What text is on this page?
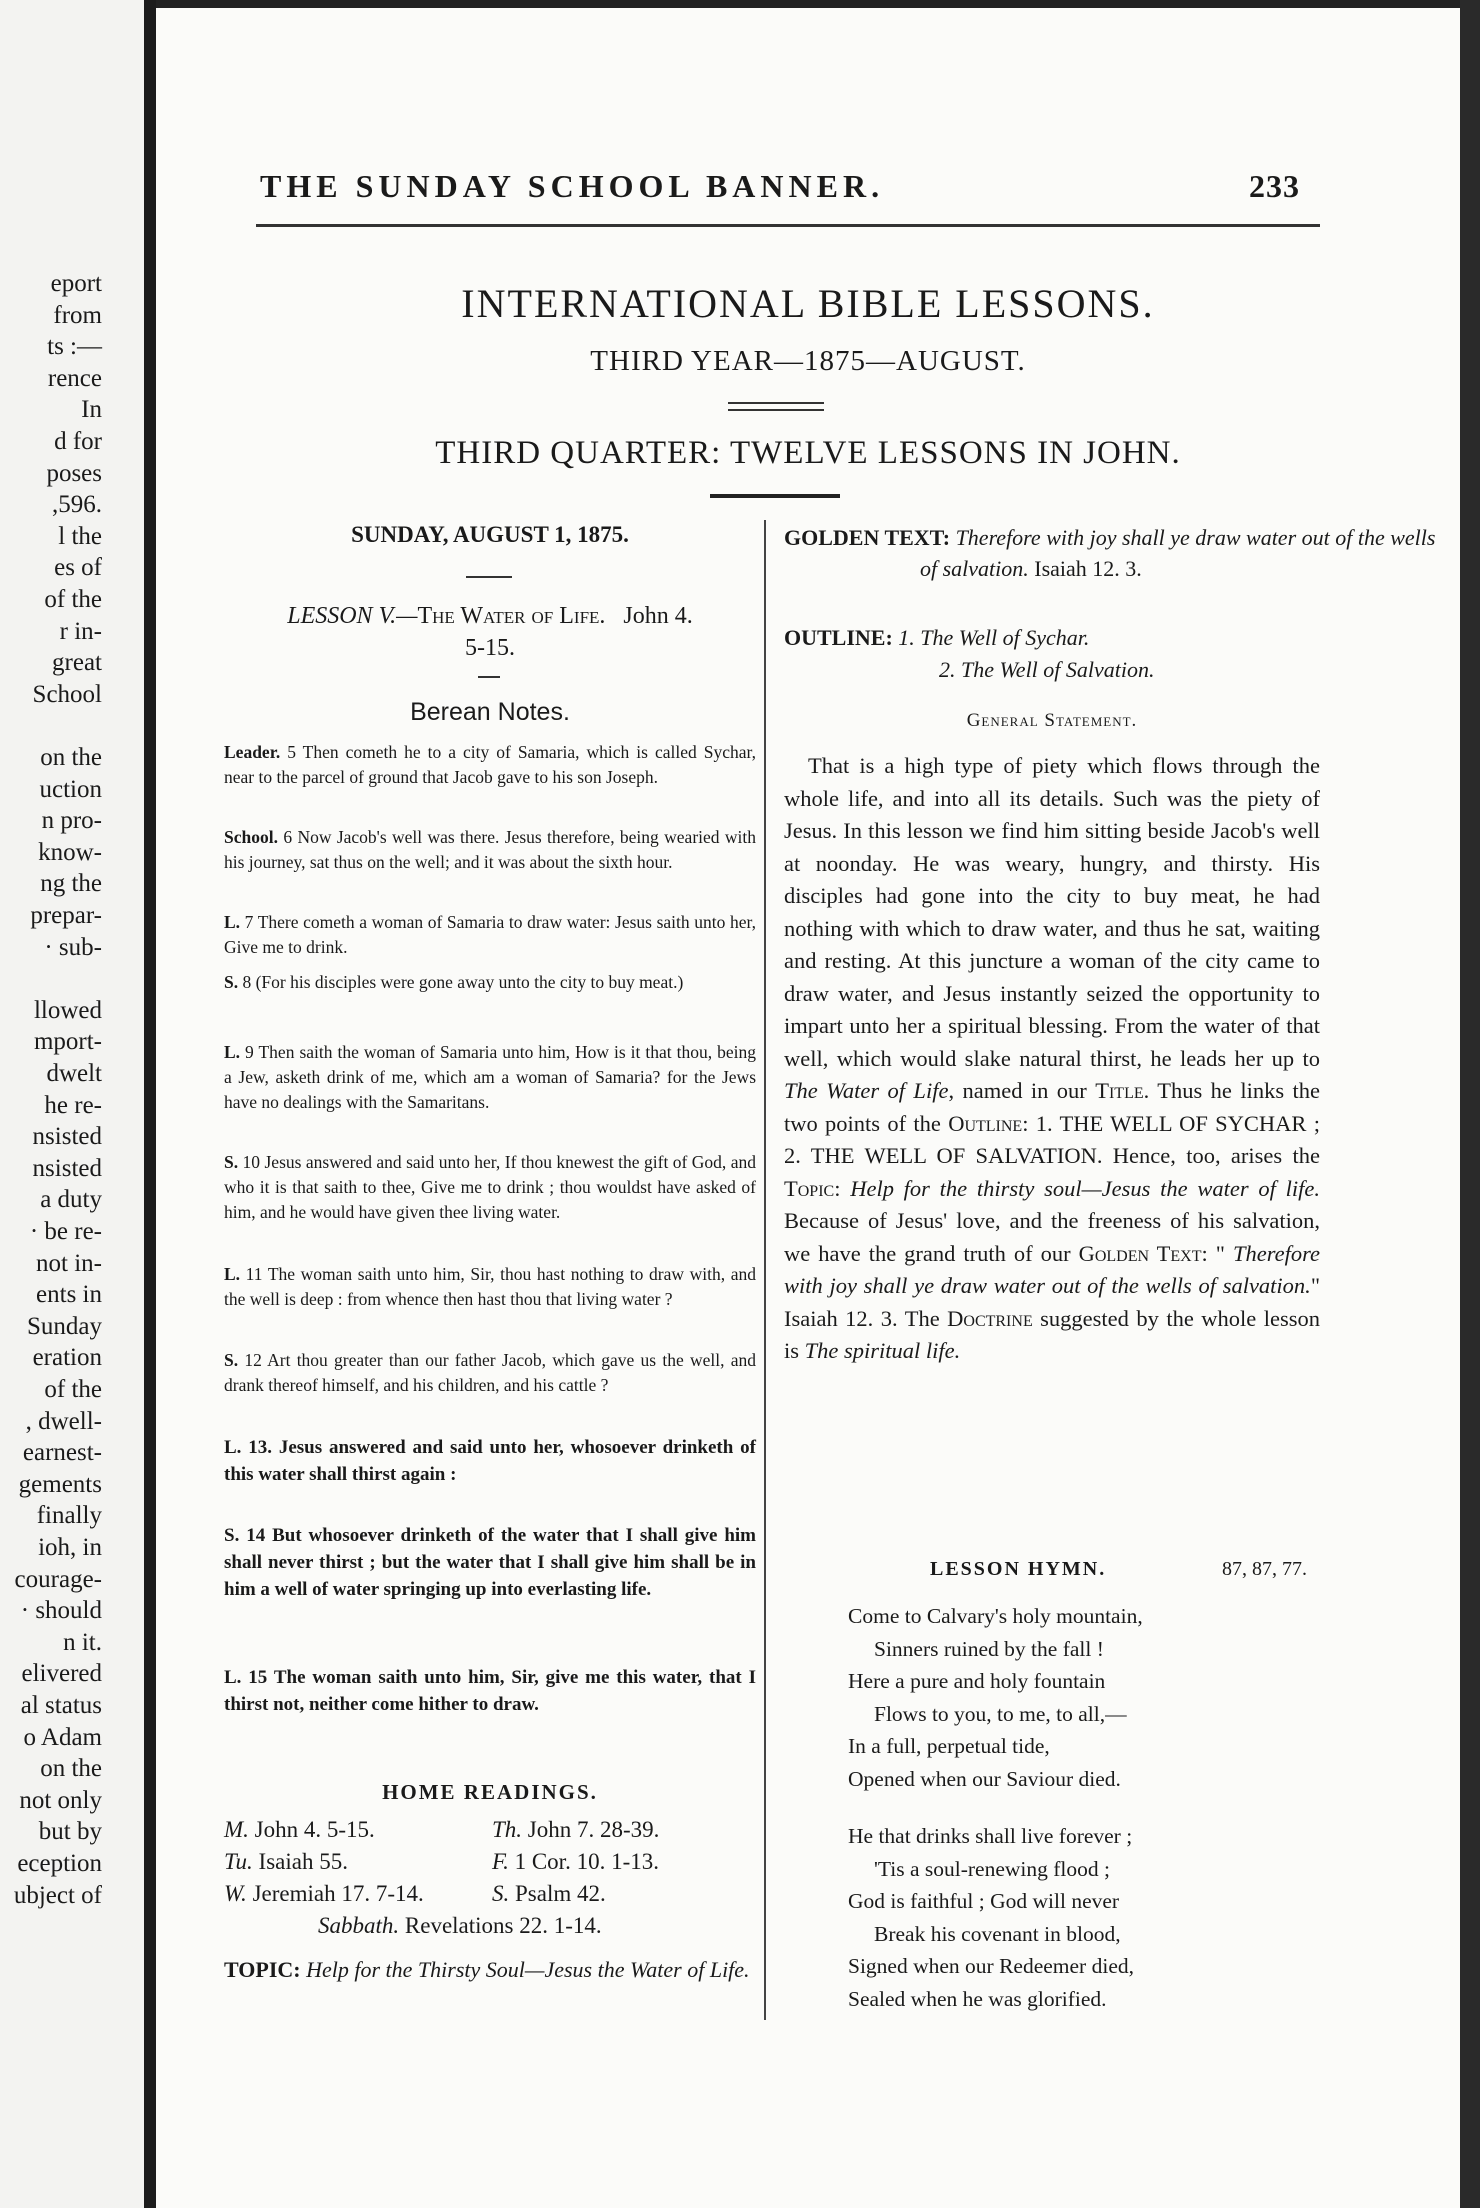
eport
from
ts :—
rence
In
d for
poses
,596.
l the
es of
of the
r in-
great
School
on the
uction
n pro-
know-
ng the
prepar-
· sub-
llowed
mport-
dwelt
he re-
nsisted
nsisted
a duty
· be re-
not in-
ents in
Sunday
eration
of the
, dwell-
earnest-
gements
finally
ioh, in
courage-
· should
n it.
elivered
al status
o Adam
on the
not only
but by
eception
ubject of
THE SUNDAY SCHOOL BANNER.	233
INTERNATIONAL BIBLE LESSONS.
THIRD YEAR—1875—AUGUST.
THIRD QUARTER: TWELVE LESSONS IN JOHN.
SUNDAY, AUGUST 1, 1875.
LESSON V.—The Water of Life. John 4.
5-15.
Berean Notes.
Leader. 5 Then cometh he to a city of Samaria, which is called Sychar, near to the parcel of ground that Jacob gave to his son Joseph.
School. 6 Now Jacob's well was there. Jesus therefore, being wearied with his journey, sat thus on the well; and it was about the sixth hour.
L. 7 There cometh a woman of Samaria to draw water: Jesus saith unto her, Give me to drink.
S. 8 (For his disciples were gone away unto the city to buy meat.)
L. 9 Then saith the woman of Samaria unto him, How is it that thou, being a Jew, asketh drink of me, which am a woman of Samaria? for the Jews have no dealings with the Samaritans.
S. 10 Jesus answered and said unto her, If thou knewest the gift of God, and who it is that saith to thee, Give me to drink ; thou wouldst have asked of him, and he would have given thee living water.
L. 11 The woman saith unto him, Sir, thou hast nothing to draw with, and the well is deep : from whence then hast thou that living water ?
S. 12 Art thou greater than our father Jacob, which gave us the well, and drank thereof himself, and his children, and his cattle ?
L. 13. Jesus answered and said unto her, whosoever drinketh of this water shall thirst again :
S. 14 But whosoever drinketh of the water that I shall give him shall never thirst ; but the water that I shall give him shall be in him a well of water springing up into everlasting life.
L. 15 The woman saith unto him, Sir, give me this water, that I thirst not, neither come hither to draw.
HOME READINGS.
M. John 4. 5-15.	Th. John 7. 28-39.
Tu. Isaiah 55.	F. 1 Cor. 10. 1-13.
W. Jeremiah 17. 7-14.	S. Psalm 42.
Sabbath. Revelations 22. 1-14.
TOPIC: Help for the Thirsty Soul—Jesus the Water of Life.
GOLDEN TEXT: Therefore with joy shall ye draw water out of the wells of salvation. Isaiah 12. 3.
OUTLINE: 1. The Well of Sychar.
2. The Well of Salvation.
General Statement.
That is a high type of piety which flows through the whole life, and into all its details. Such was the piety of Jesus. In this lesson we find him sitting beside Jacob's well at noonday. He was weary, hungry, and thirsty. His disciples had gone into the city to buy meat, he had nothing with which to draw water, and thus he sat, waiting and resting. At this juncture a woman of the city came to draw water, and Jesus instantly seized the opportunity to impart unto her a spiritual blessing. From the water of that well, which would slake natural thirst, he leads her up to The Water of Life, named in our Title. Thus he links the two points of the Outline: 1. THE WELL OF SYCHAR ; 2. THE WELL OF SALVATION. Hence, too, arises the Topic: Help for the thirsty soul—Jesus the water of life. Because of Jesus' love, and the freeness of his salvation, we have the grand truth of our Golden Text: " Therefore with joy shall ye draw water out of the wells of salvation." Isaiah 12. 3. The Doctrine suggested by the whole lesson is The spiritual life.
LESSON HYMN.	87, 87, 77.
Come to Calvary's holy mountain,
Sinners ruined by the fall !
Here a pure and holy fountain
Flows to you, to me, to all,—
In a full, perpetual tide,
Opened when our Saviour died.
He that drinks shall live forever ;
'Tis a soul-renewing flood ;
God is faithful ; God will never
Break his covenant in blood,
Signed when our Redeemer died,
Sealed when he was glorified.
